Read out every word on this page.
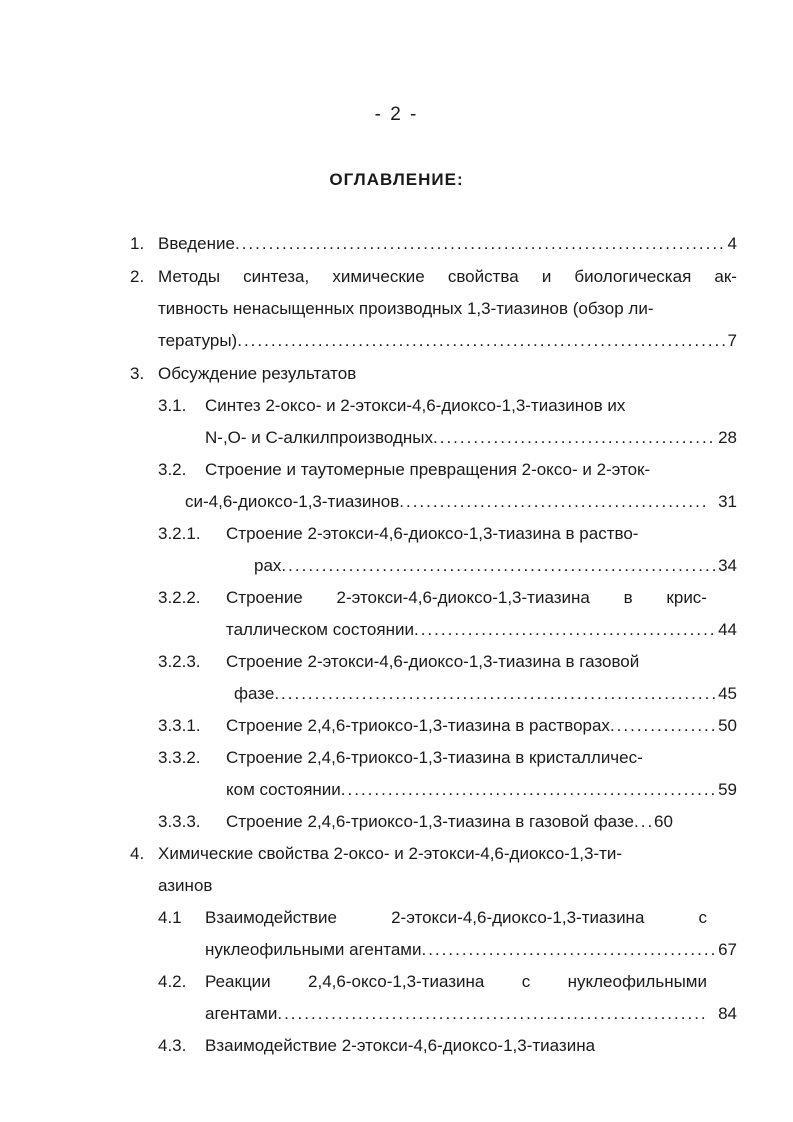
- 2 -
ОГЛАВЛЕНИЕ:
1. Введение .....	4
2. Методы синтеза, химические свойства и биологическая ак-
тивность ненасыщенных производных 1,3-тиазинов (обзор ли-
тературы) .....	7
3. Обсуждение результатов
3.1.	Синтез 2-оксо- и 2-этокси-4,6-диоксо-1,3-тиазинов их
N-,O- и C-алкилпроизводных .....	28
3.2.	Строение и таутомерные превращения 2-оксо- и 2-эток-
си-4,6-диоксо-1,3-тиазинов .....	31
3.2.1.	Строение 2-этокси-4,6-диоксо-1,3-тиазина в раство-
рах .....	34
3.2.2.	Строение 2-этокси-4,6-диоксо-1,3-тиазина в крис-
таллическом состоянии .....	44
3.2.3.	Строение 2-этокси-4,6-диоксо-1,3-тиазина в газовой
фазе .....	45
3.3.1.	Строение 2,4,6-триоксо-1,3-тиазина в растворах .....	50
3.3.2.	Строение 2,4,6-триоксо-1,3-тиазина в кристалличес-
ком состоянии .....	59
3.3.3.	Строение 2,4,6-триоксо-1,3-тиазина в газовой фазе ..... 60
4. Химические свойства 2-оксо- и 2-этокси-4,6-диоксо-1,3-ти-
азинов
4.1	Взаимодействие	2-этокси-4,6-диоксо-1,3-тиазина	с
нуклеофильными агентами .....	67
4.2.	Реакции 2,4,6-оксо-1,3-тиазина с нуклеофильными
агентами .....	84
4.3.	Взаимодействие 2-этокси-4,6-диоксо-1,3-тиазина
